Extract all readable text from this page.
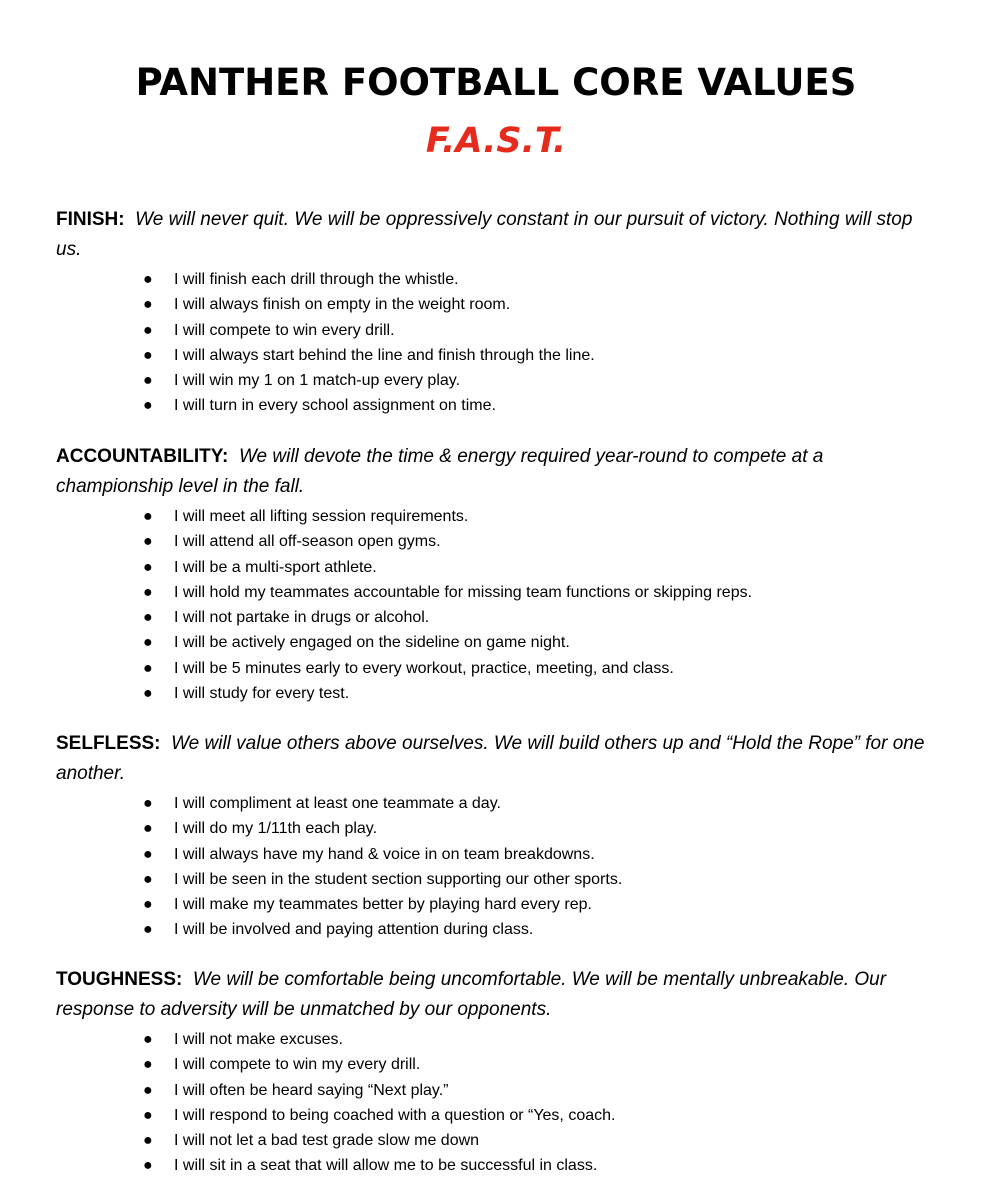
PANTHER FOOTBALL CORE VALUES
F.A.S.T.

FINISH: We will never quit. We will be oppressively constant in our pursuit of victory. Nothing will stop us.

● I will finish each drill through the whistle.
● I will always finish on empty in the weight room.
● I will compete to win every drill.
● I will always start behind the line and finish through the line.
● I will win my 1 on 1 match-up every play.
● I will turn in every school assignment on time.

ACCOUNTABILITY: We will devote the time & energy required year-round to compete at a championship level in the fall.

● I will meet all lifting session requirements.
● I will attend all off-season open gyms.
● I will be a multi-sport athlete.
● I will hold my teammates accountable for missing team functions or skipping reps.
● I will not partake in drugs or alcohol.
● I will be actively engaged on the sideline on game night.
● I will be 5 minutes early to every workout, practice, meeting, and class.
● I will study for every test.

SELFLESS: We will value others above ourselves. We will build others up and “Hold the Rope” for one another.

● I will compliment at least one teammate a day.
● I will do my 1/11th each play.
● I will always have my hand & voice in on team breakdowns.
● I will be seen in the student section supporting our other sports.
● I will make my teammates better by playing hard every rep.
● I will be involved and paying attention during class.

TOUGHNESS: We will be comfortable being uncomfortable. We will be mentally unbreakable. Our response to adversity will be unmatched by our opponents.

● I will not make excuses.
● I will compete to win my every drill.
● I will often be heard saying “Next play.”
● I will respond to being coached with a question or “Yes, coach.
● I will not let a bad test grade slow me down
● I will sit in a seat that will allow me to be successful in class.
